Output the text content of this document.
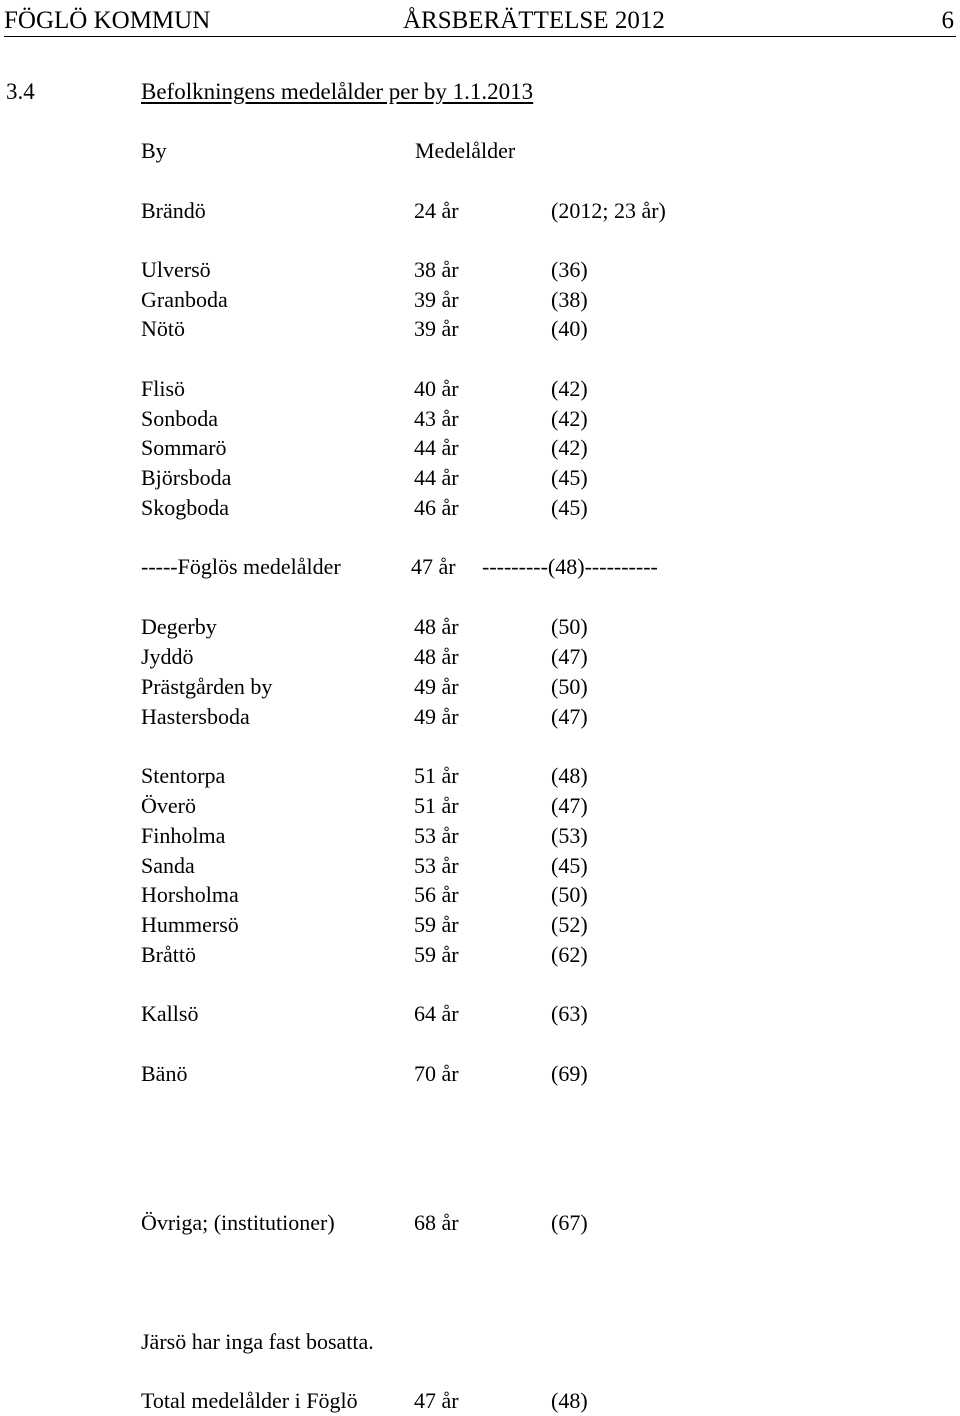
FÖGLÖ KOMMUN	ÅRSBERÄTTELSE 2012	6
3.4	Befolkningens medelålder per by 1.1.2013
By	Medelålder
Brändö	24 år	(2012; 23 år)
Ulversö	38 år	(36)
Granboda	39 år	(38)
Nötö	39 år	(40)
Flisö	40 år	(42)
Sonboda	43 år	(42)
Sommarö	44 år	(42)
Björsboda	44 år	(45)
Skogboda	46 år	(45)
-----Föglös medelålder	47 år ---------(48)----------
Degerby	48 år	(50)
Jyddö	48 år	(47)
Prästgården by	49 år	(50)
Hastersboda	49 år	(47)
Stentorpa	51 år	(48)
Överö	51 år	(47)
Finholma	53 år	(53)
Sanda	53 år	(45)
Horsholma	56 år	(50)
Hummersö	59 år	(52)
Bråttö	59 år	(62)
Kallsö	64 år	(63)
Bänö	70 år	(69)
Övriga; (institutioner)	68 år	(67)
Järsö har inga fast bosatta.
Total medelålder i Föglö	47 år	(48)
